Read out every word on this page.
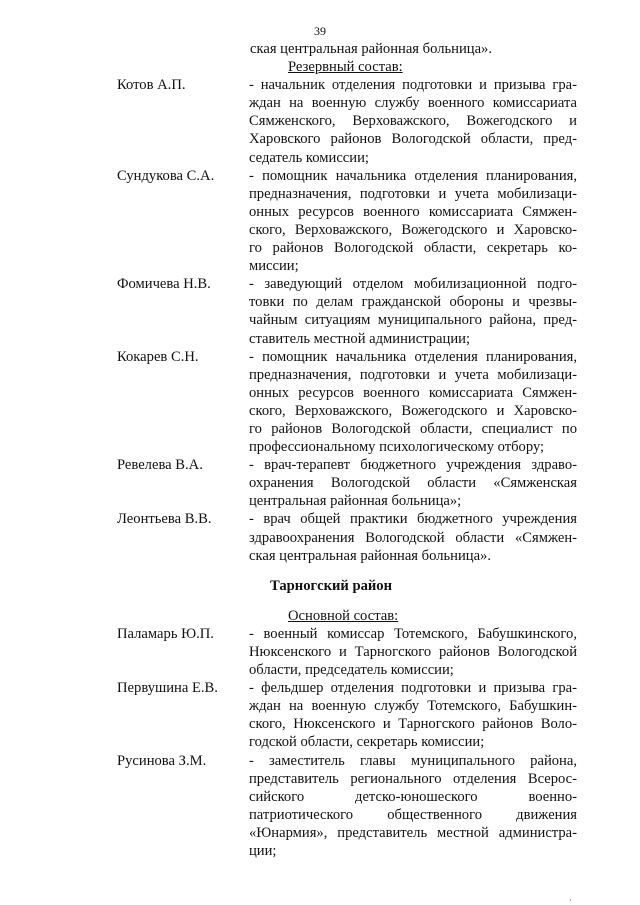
39
ская центральная районная больница».
Резервный состав:
Котов А.П.	- начальник отделения подготовки и призыва гра-
ждан на военную службу военного комиссариата
Сямженского, Верховажского, Вожегодского и
Харовского районов Вологодской области, пред-
седатель комиссии;
Сундукова С.А.	- помощник начальника отделения планирования,
предназначения, подготовки и учета мобилизаци-
онных ресурсов военного комиссариата Сямжен-
ского, Верховажского, Вожегодского и Харовско-
го районов Вологодской области, секретарь ко-
миссии;
Фомичева Н.В.	- заведующий отделом мобилизационной подго-
товки по делам гражданской обороны и чрезвы-
чайным ситуациям муниципального района, пред-
ставитель местной администрации;
Кокарев С.Н.	- помощник начальника отделения планирования,
предназначения, подготовки и учета мобилизаци-
онных ресурсов военного комиссариата Сямжен-
ского, Верховажского, Вожегодского и Харовско-
го районов Вологодской области, специалист по
профессиональному психологическому отбору;
Ревелева В.А.	- врач-терапевт бюджетного учреждения здраво-
охранения Вологодской области «Сямженская
центральная районная больница»;
Леонтьева В.В.	- врач общей практики бюджетного учреждения
здравоохранения Вологодской области «Сямжен-
ская центральная районная больница».
Тарногский район
Основной состав:
Паламарь Ю.П.	- военный комиссар Тотемского, Бабушкинского,
Нюксенского и Тарногского районов Вологодской
области, председатель комиссии;
Первушина Е.В.	- фельдшер отделения подготовки и призыва гра-
ждан на военную службу Тотемского, Бабушкин-
ского, Нюксенского и Тарногского районов Воло-
годской области, секретарь комиссии;
Русинова З.М.	- заместитель главы муниципального района,
представитель регионального отделения Всерос-
сийского детско-юношеского военно-
патриотического общественного движения
«Юнармия», представитель местной администра-
ции;
·
